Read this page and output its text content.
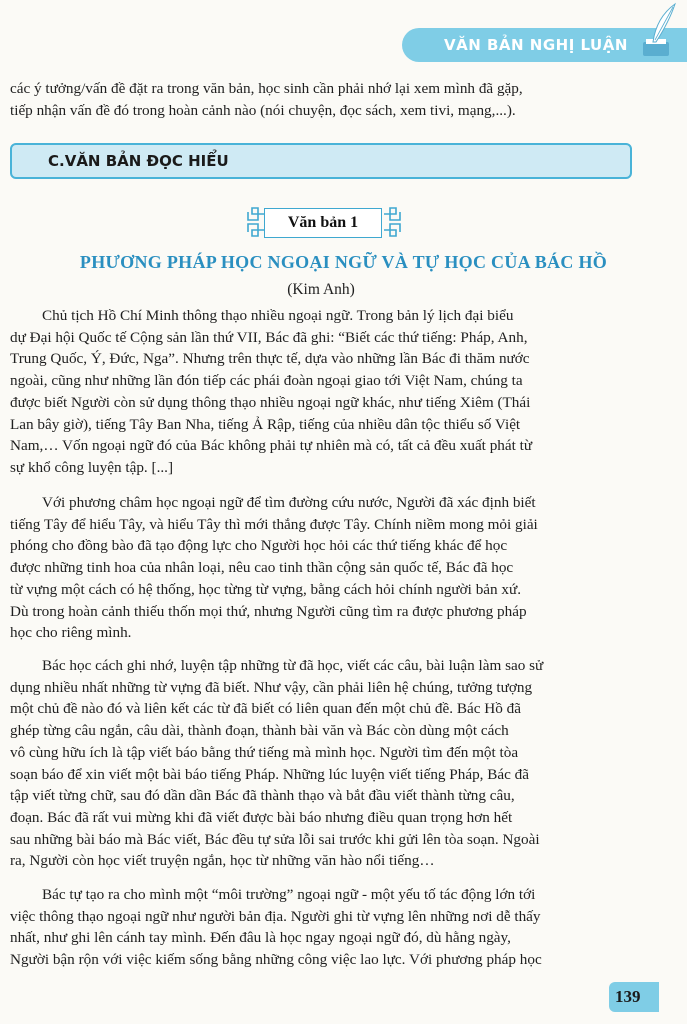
VĂN BẢN NGHỊ LUẬN
các ý tưởng/vấn đề đặt ra trong văn bản, học sinh cần phải nhớ lại xem mình đã gặp,
tiếp nhận vấn đề đó trong hoàn cảnh nào (nói chuyện, đọc sách, xem tivi, mạng,...).
C.VĂN BẢN ĐỌC HIỂU
Văn bản 1
PHƯƠNG PHÁP HỌC NGOẠI NGỮ VÀ TỰ HỌC CỦA BÁC HỒ
(Kim Anh)
Chủ tịch Hồ Chí Minh thông thạo nhiều ngoại ngữ. Trong bản lý lịch đại biểu
dự Đại hội Quốc tế Cộng sản lần thứ VII, Bác đã ghi: “Biết các thứ tiếng: Pháp, Anh,
Trung Quốc, Ý, Đức, Nga”. Nhưng trên thực tế, dựa vào những lần Bác đi thăm nước
ngoài, cũng như những lần đón tiếp các phái đoàn ngoại giao tới Việt Nam, chúng ta
được biết Người còn sử dụng thông thạo nhiều ngoại ngữ khác, như tiếng Xiêm (Thái
Lan bây giờ), tiếng Tây Ban Nha, tiếng Ả Rập, tiếng của nhiều dân tộc thiểu số Việt
Nam,… Vốn ngoại ngữ đó của Bác không phải tự nhiên mà có, tất cả đều xuất phát từ
sự khổ công luyện tập. [...]
Với phương châm học ngoại ngữ để tìm đường cứu nước, Người đã xác định biết
tiếng Tây để hiểu Tây, và hiểu Tây thì mới thắng được Tây. Chính niềm mong mỏi giải
phóng cho đồng bào đã tạo động lực cho Người học hỏi các thứ tiếng khác để học
được những tinh hoa của nhân loại, nêu cao tinh thần cộng sản quốc tế, Bác đã học
từ vựng một cách có hệ thống, học từng từ vựng, bằng cách hỏi chính người bản xứ.
Dù trong hoàn cảnh thiếu thốn mọi thứ, nhưng Người cũng tìm ra được phương pháp
học cho riêng mình.
Bác học cách ghi nhớ, luyện tập những từ đã học, viết các câu, bài luận làm sao sử
dụng nhiều nhất những từ vựng đã biết. Như vậy, cần phải liên hệ chúng, tưởng tượng
một chủ đề nào đó và liên kết các từ đã biết có liên quan đến một chủ đề. Bác Hồ đã
ghép từng câu ngắn, câu dài, thành đoạn, thành bài văn và Bác còn dùng một cách
vô cùng hữu ích là tập viết báo bằng thứ tiếng mà mình học. Người tìm đến một tòa
soạn báo để xin viết một bài báo tiếng Pháp. Những lúc luyện viết tiếng Pháp, Bác đã
tập viết từng chữ, sau đó dần dần Bác đã thành thạo và bắt đầu viết thành từng câu,
đoạn. Bác đã rất vui mừng khi đã viết được bài báo nhưng điều quan trọng hơn hết
sau những bài báo mà Bác viết, Bác đều tự sửa lỗi sai trước khi gửi lên tòa soạn. Ngoài
ra, Người còn học viết truyện ngắn, học từ những văn hào nổi tiếng…
Bác tự tạo ra cho mình một “môi trường” ngoại ngữ - một yếu tố tác động lớn tới
việc thông thạo ngoại ngữ như người bản địa. Người ghi từ vựng lên những nơi dễ thấy
nhất, như ghi lên cánh tay mình. Đến đâu là học ngay ngoại ngữ đó, dù hằng ngày,
Người bận rộn với việc kiếm sống bằng những công việc lao lực. Với phương pháp học
139
